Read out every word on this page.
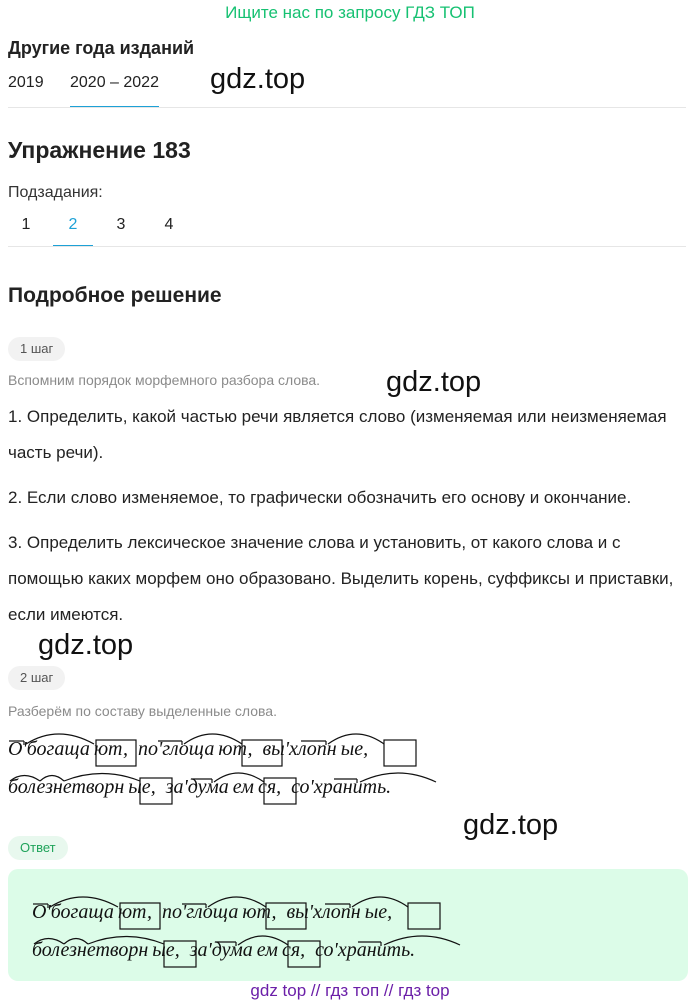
Ищите нас по запросу ГДЗ ТОП
Другие года изданий
2019 2020 – 2022 gdz.top
Упражнение 183
Подзадания:
1	2	3	4
Подробное решение
1 шаг
Вспомним порядок морфемного разбора слова. gdz.top
1. Определить, какой частью речи является слово (изменяемая или неизменяемая часть речи).
2. Если слово изменяемое, то графически обозначить его основу и окончание.
3. Определить лексическое значение слова и установить, от какого слова и с помощью каких морфем оно образовано. Выделить корень, суффиксы и приставки, если имеются.
gdz.top
2 шаг
Разберём по составу выделенные слова.
О'богаща  ют,  по'глоща  ют,  вы'хлопн  ые,
болезнетворн  ые,  за'дума  ем  ся,  со'хранить.
gdz.top
Ответ
О'богаща  ют,  по'глоща  ют,  вы'хлопн  ые,
болезнетворн  ые,  за'дума  ем  ся,  со'хранить.
gdz top // гдз топ // гдз top
